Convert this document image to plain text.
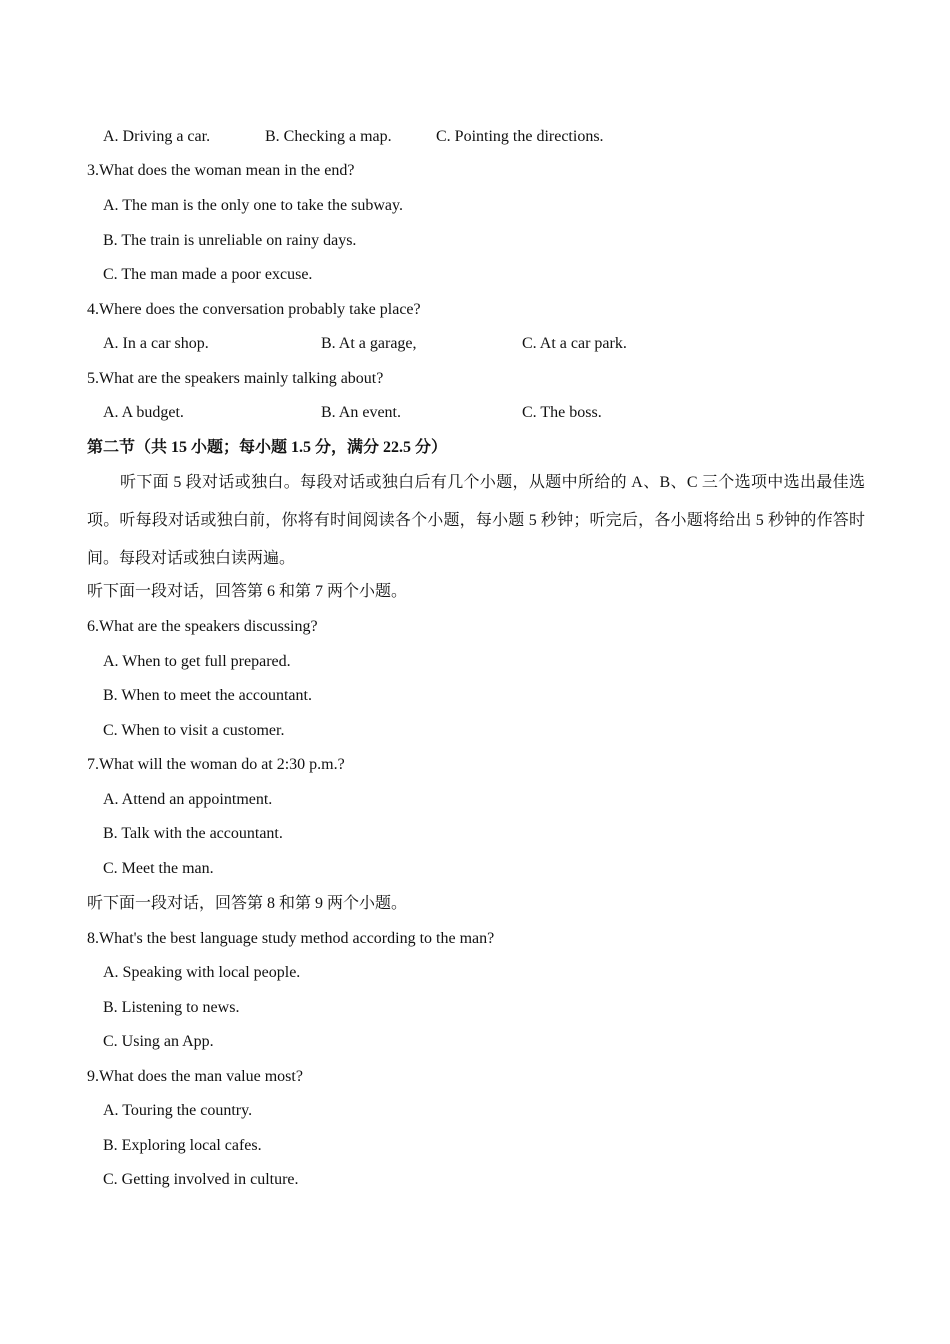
A. Driving a car.	B. Checking a map.	C. Pointing the directions.
3.What does the woman mean in the end?
A. The man is the only one to take the subway.
B. The train is unreliable on rainy days.
C. The man made a poor excuse.
4.Where does the conversation probably take place?
A. In a car shop.	B. At a garage,	C. At a car park.
5.What are the speakers mainly talking about?
A. A budget.	B. An event.	C. The boss.
第二节（共 15 小题；每小题 1.5 分，满分 22.5 分）
听下面 5 段对话或独白。每段对话或独白后有几个小题，从题中所给的 A、B、C 三个选项中选出最佳选项。听每段对话或独白前，你将有时间阅读各个小题，每小题 5 秒钟；听完后，各小题将给出 5 秒钟的作答时间。每段对话或独白读两遍。
听下面一段对话，回答第 6 和第 7 两个小题。
6.What are the speakers discussing?
A. When to get full prepared.
B. When to meet the accountant.
C. When to visit a customer.
7.What will the woman do at 2:30 p.m.?
A. Attend an appointment.
B. Talk with the accountant.
C. Meet the man.
听下面一段对话，回答第 8 和第 9 两个小题。
8.What's the best language study method according to the man?
A. Speaking with local people.
B. Listening to news.
C. Using an App.
9.What does the man value most?
A. Touring the country.
B. Exploring local cafes.
C. Getting involved in culture.
